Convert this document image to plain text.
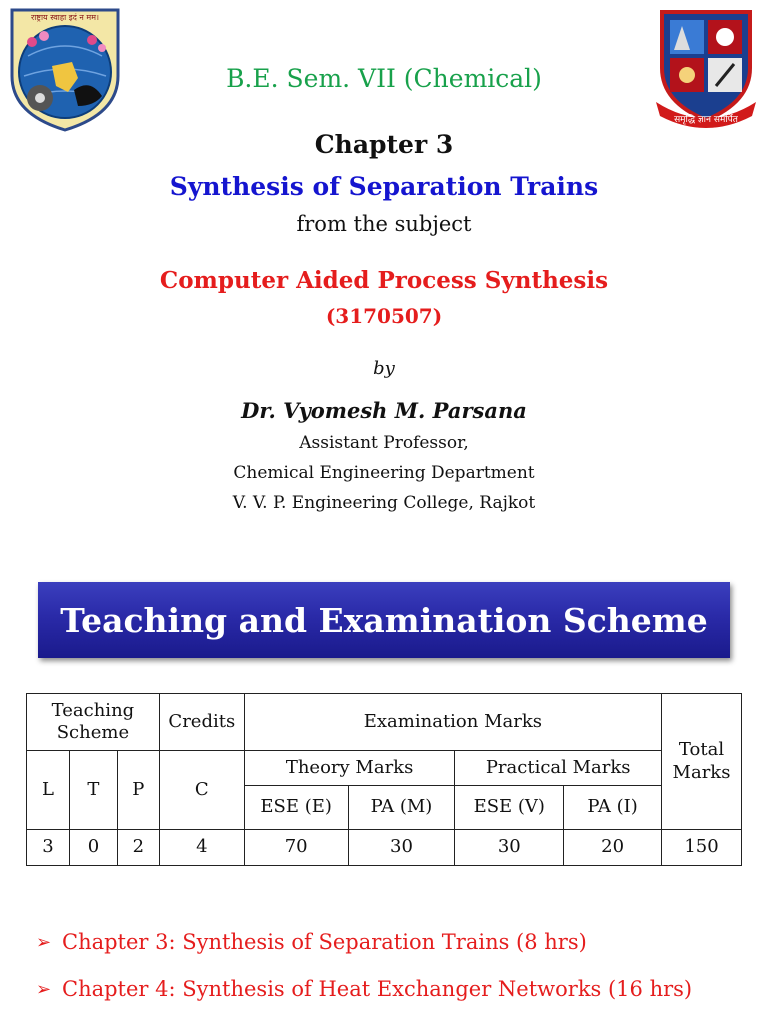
राष्ट्राय स्वाहा इदं न मम।
समृद्धि ज्ञान समर्पित
B.E. Sem. VII (Chemical)
Chapter 3
Synthesis of Separation Trains
from the subject
Computer Aided Process Synthesis
(3170507)
by
Dr. Vyomesh M. Parsana
Assistant Professor,
Chemical Engineering Department
V. V. P. Engineering College, Rajkot
Teaching and Examination Scheme
Teaching Scheme			Credits	Examination Marks				Total Marks
L	T	P	C	Theory Marks		Practical Marks		
				ESE (E)	PA (M)	ESE (V)	PA (I)	
3	0	2	4	70	30	30	20	150
➢ Chapter 3: Synthesis of Separation Trains (8 hrs)
➢ Chapter 4: Synthesis of Heat Exchanger Networks (16 hrs)
